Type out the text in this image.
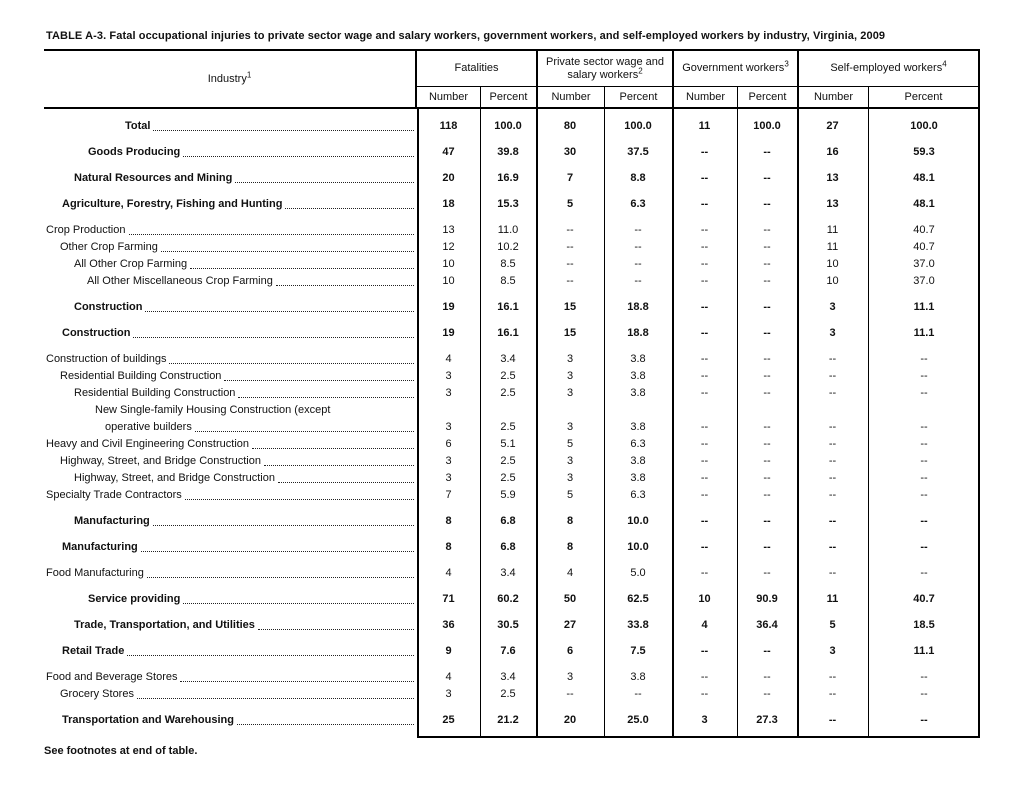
TABLE A-3. Fatal occupational injuries to private sector wage and salary workers, government workers, and self-employed workers by industry, Virginia, 2009
Industry$^1$
Fatalities
Private sector wage and salary workers$^2$	Government workers$^3$	Self-employed workers$^4$
Number	Percent	Number	Percent	Number	Percent	Number	Percent
Total	118	100.0	80	100.0	11	100.0	27	100.0
Goods Producing	47	39.8	30	37.5	--	--	16	59.3
Natural Resources and Mining	20	16.9	7	8.8	--	--	13	48.1
Agriculture, Forestry, Fishing and Hunting	18	15.3	5	6.3	--	--	13	48.1
Crop Production	13	11.0	--	--	--	--	11	40.7
Other Crop Farming	12	10.2	--	--	--	--	11	40.7
All Other Crop Farming	10	8.5	--	--	--	--	10	37.0
All Other Miscellaneous Crop Farming	10	8.5	--	--	--	--	10	37.0
Construction	19	16.1	15	18.8	--	--	3	11.1
Construction	19	16.1	15	18.8	--	--	3	11.1
Construction of buildings	4	3.4	3	3.8	--	--	--	--
Residential Building Construction	3	2.5	3	3.8	--	--	--	--
Residential Building Construction	3	2.5	3	3.8	--	--	--	--
New Single-family Housing Construction (except
operative builders	3	2.5	3	3.8	--	--	--	--
Heavy and Civil Engineering Construction	6	5.1	5	6.3	--	--	--	--
Highway, Street, and Bridge Construction	3	2.5	3	3.8	--	--	--	--
Highway, Street, and Bridge Construction	3	2.5	3	3.8	--	--	--	--
Specialty Trade Contractors	7	5.9	5	6.3	--	--	--	--
Manufacturing	8	6.8	8	10.0	--	--	--	--
Manufacturing	8	6.8	8	10.0	--	--	--	--
Food Manufacturing	4	3.4	4	5.0	--	--	--	--
Service providing	71	60.2	50	62.5	10	90.9	11	40.7
Trade, Transportation, and Utilities	36	30.5	27	33.8	4	36.4	5	18.5
Retail Trade	9	7.6	6	7.5	--	--	3	11.1
Food and Beverage Stores	4	3.4	3	3.8	--	--	--	--
Grocery Stores	3	2.5	--	--	--	--	--	--
Transportation and Warehousing	25	21.2	20	25.0	3	27.3	--	--
See footnotes at end of table.
